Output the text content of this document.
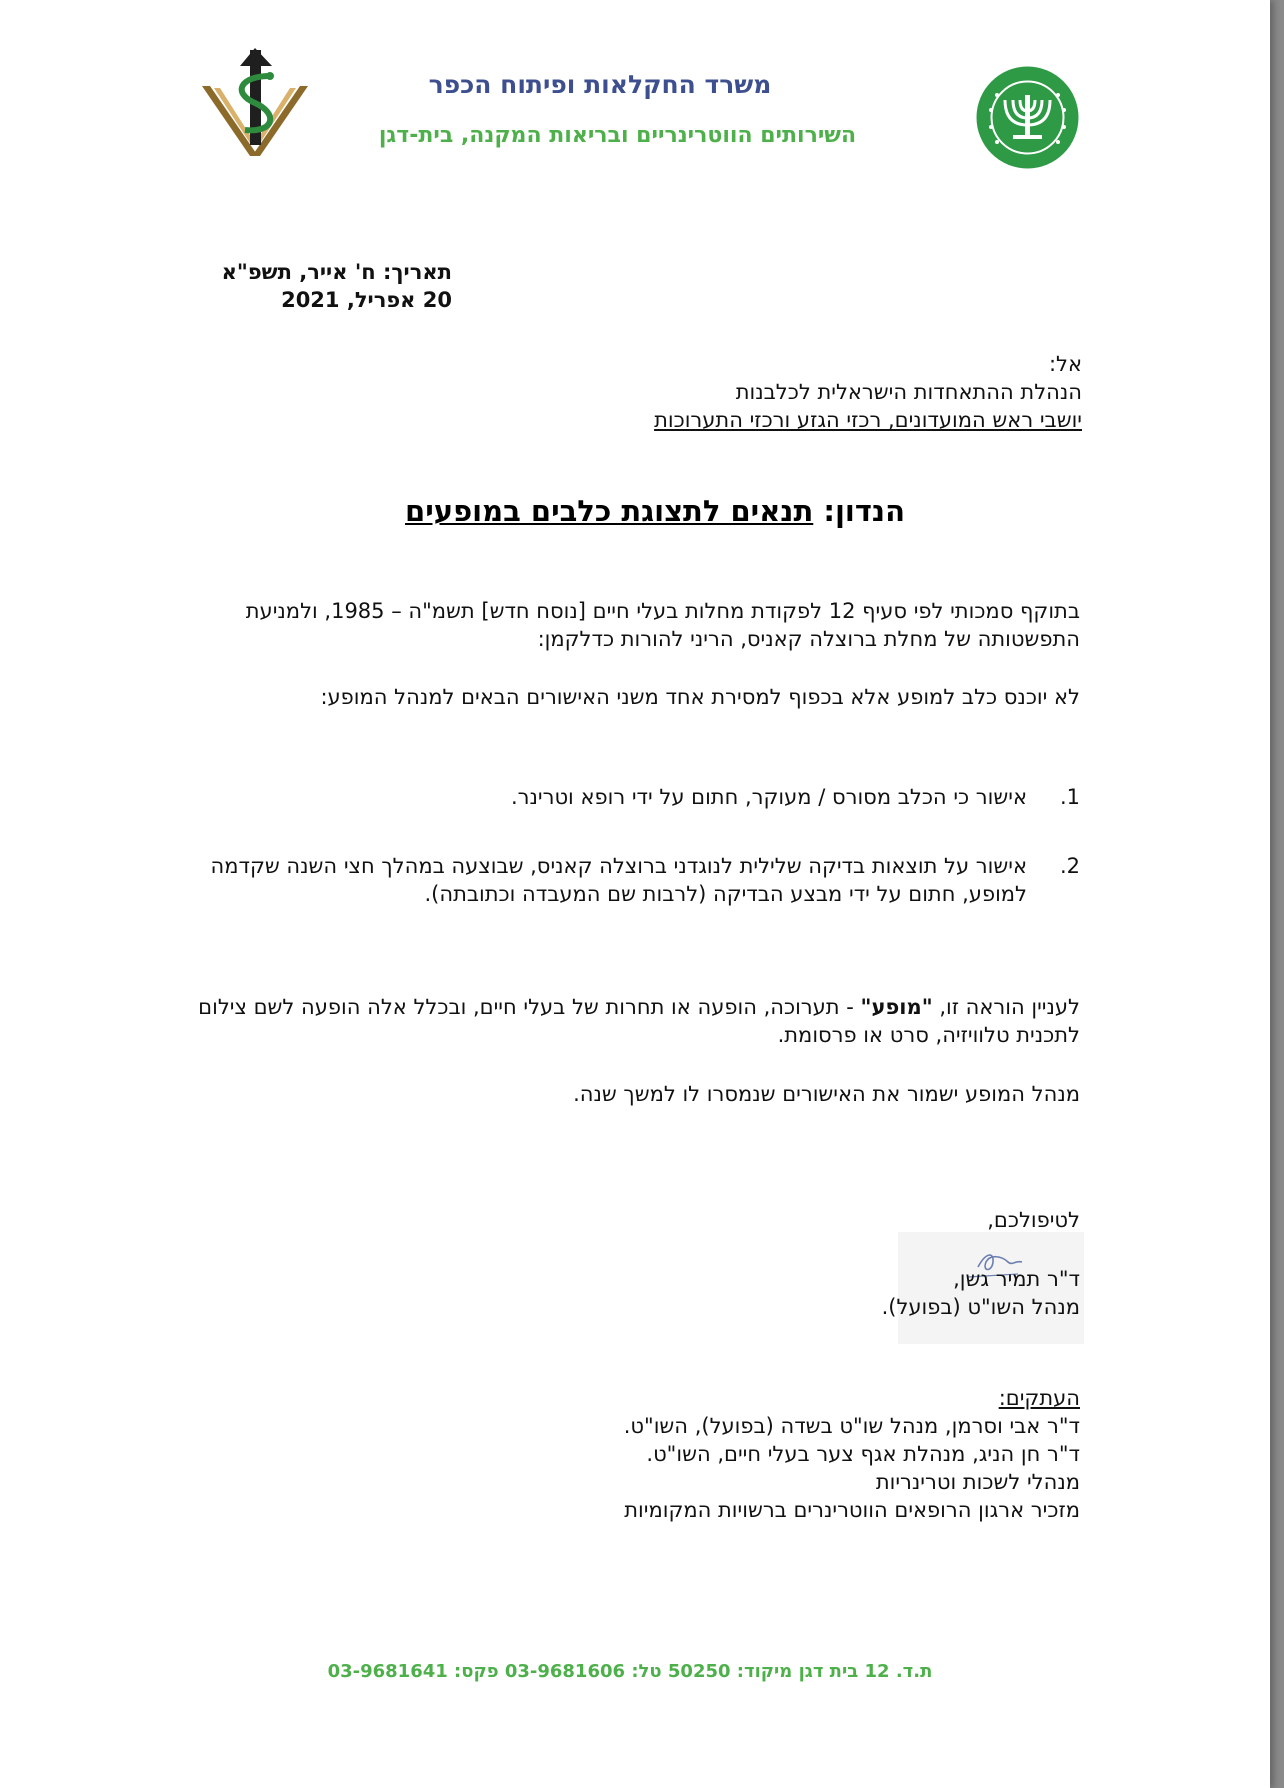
משרד החקלאות ופיתוח הכפר
השירותים הווטרינריים ובריאות המקנה, בית-דגן
תאריך: ח' אייר, תשפ"א
20 אפריל, 2021
אל:
הנהלת ההתאחדות הישראלית לכלבנות
יושבי ראש המועדונים, רכזי הגזע ורכזי התערוכות
הנדון: תנאים לתצוגת כלבים במופעים
בתוקף סמכותי לפי סעיף 12 לפקודת מחלות בעלי חיים [נוסח חדש] תשמ"ה – 1985, ולמניעת התפשטותה של מחלת ברוצלה קאניס, הריני להורות כדלקמן:
לא יוכנס כלב למופע אלא בכפוף למסירת אחד משני האישורים הבאים למנהל המופע:
1.
אישור כי הכלב מסורס / מעוקר, חתום על ידי רופא וטרינר.
2.
אישור על תוצאות בדיקה שלילית לנוגדני ברוצלה קאניס, שבוצעה במהלך חצי השנה שקדמה למופע, חתום על ידי מבצע הבדיקה (לרבות שם המעבדה וכתובתה).
לעניין הוראה זו, "מופע" - תערוכה, הופעה או תחרות של בעלי חיים, ובכלל אלה הופעה לשם צילום לתכנית טלוויזיה, סרט או פרסומת.
מנהל המופע ישמור את האישורים שנמסרו לו למשך שנה.
לטיפולכם,
ד"ר תמיר גשן,
מנהל השו"ט (בפועל).
העתקים:
ד"ר אבי וסרמן, מנהל שו"ט בשדה (בפועל), השו"ט.
ד"ר חן הניג, מנהלת אגף צער בעלי חיים, השו"ט.
מנהלי לשכות וטרינריות
מזכיר ארגון הרופאים הווטרינרים ברשויות המקומיות
ת.ד. 12 בית דגן מיקוד: 50250 טל: 03-9681606 פקס: 03-9681641
